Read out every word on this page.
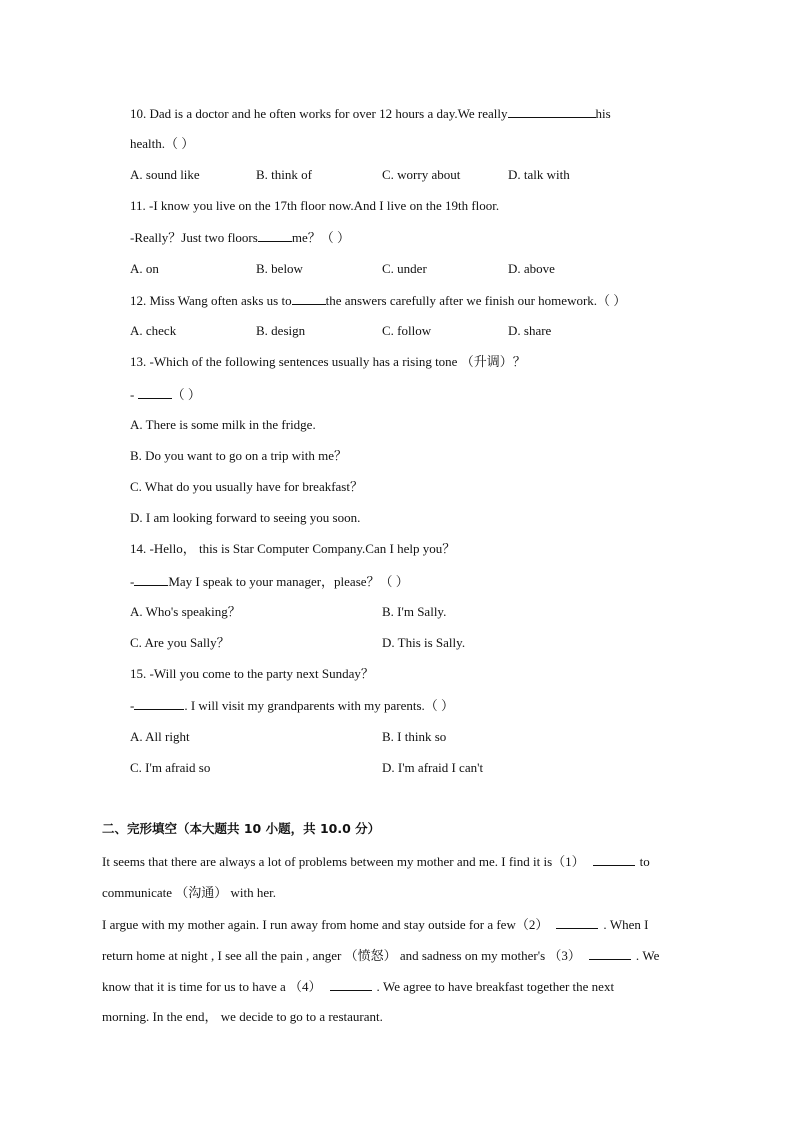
10. Dad is a doctor and he often works for over 12 hours a day.We really	his
health.（ ）
A. sound like	B. think of	C. worry about	D. talk with
11. -I know you live on the 17th floor now.And I live on the 19th floor.
-Really？Just two floors	me？（ ）
A. on	B. below	C. under	D. above
12. Miss Wang often asks us to	the answers carefully after we finish our homework.（ ）
A. check	B. design	C. follow	D. share
13. -Which of the following sentences usually has a rising tone （升调）？
-	（ ）
A. There is some milk in the fridge.
B. Do you want to go on a trip with me？
C. What do you usually have for breakfast？
D. I am looking forward to seeing you soon.
14. -Hello， this is Star Computer Company.Can I help you？
-	May I speak to your manager，please？（ ）
A. Who's speaking？	B. I'm Sally.
C. Are you Sally？	D. This is Sally.
15. -Will you come to the party next Sunday？
-	. I will visit my grandparents with my parents.（ ）
A. All right	B. I think so
C. I'm afraid so	D. I'm afraid I can't
二、完形填空（本大题共 10 小题，共 10.0 分）
It seems that there are always a lot of problems between my mother and me. I find it is（1）	to
communicate （沟通） with her.
I argue with my mother again. I run away from home and stay outside for a few（2）	. When I
return home at night , I see all the pain , anger （愤怒） and sadness on my mother's （3）	. We
know that it is time for us to have a （4）	. We agree to have breakfast together the next
morning. In the end， we decide to go to a restaurant.
